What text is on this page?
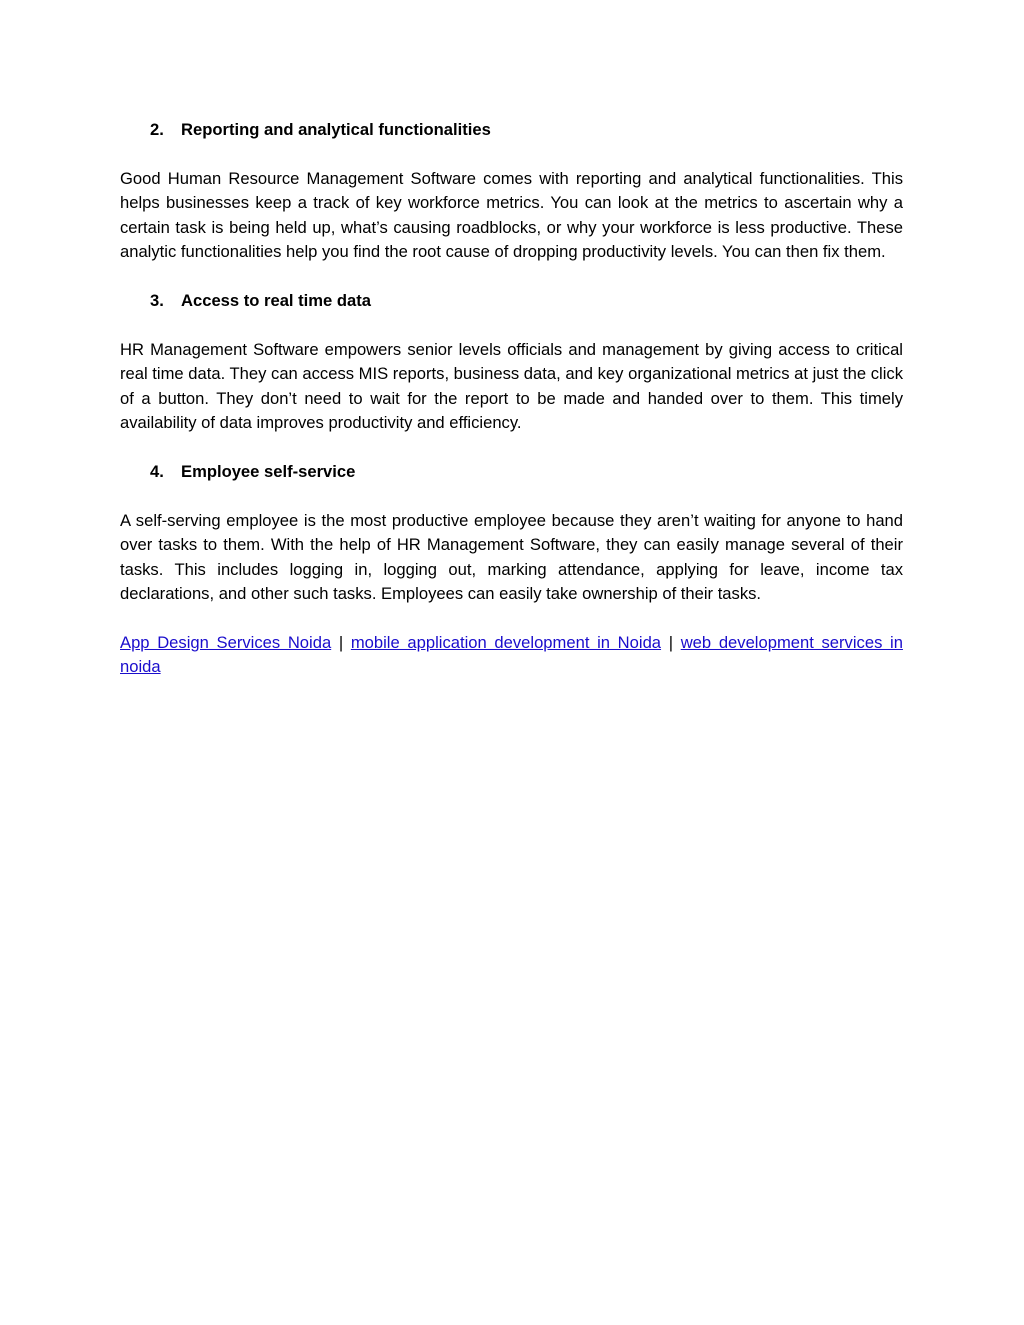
2.	Reporting and analytical functionalities

Good Human Resource Management Software comes with reporting and analytical functionalities. This helps businesses keep a track of key workforce metrics. You can look at the metrics to ascertain why a certain task is being held up, what’s causing roadblocks, or why your workforce is less productive. These analytic functionalities help you find the root cause of dropping productivity levels. You can then fix them.

3.	Access to real time data

HR Management Software empowers senior levels officials and management by giving access to critical real time data. They can access MIS reports, business data, and key organizational metrics at just the click of a button. They don’t need to wait for the report to be made and handed over to them. This timely availability of data improves productivity and efficiency.

4.	Employee self-service

A self-serving employee is the most productive employee because they aren’t waiting for anyone to hand over tasks to them. With the help of HR Management Software, they can easily manage several of their tasks. This includes logging in, logging out, marking attendance, applying for leave, income tax declarations, and other such tasks. Employees can easily take ownership of their tasks.

App Design Services Noida | mobile application development in Noida | web development services in noida
